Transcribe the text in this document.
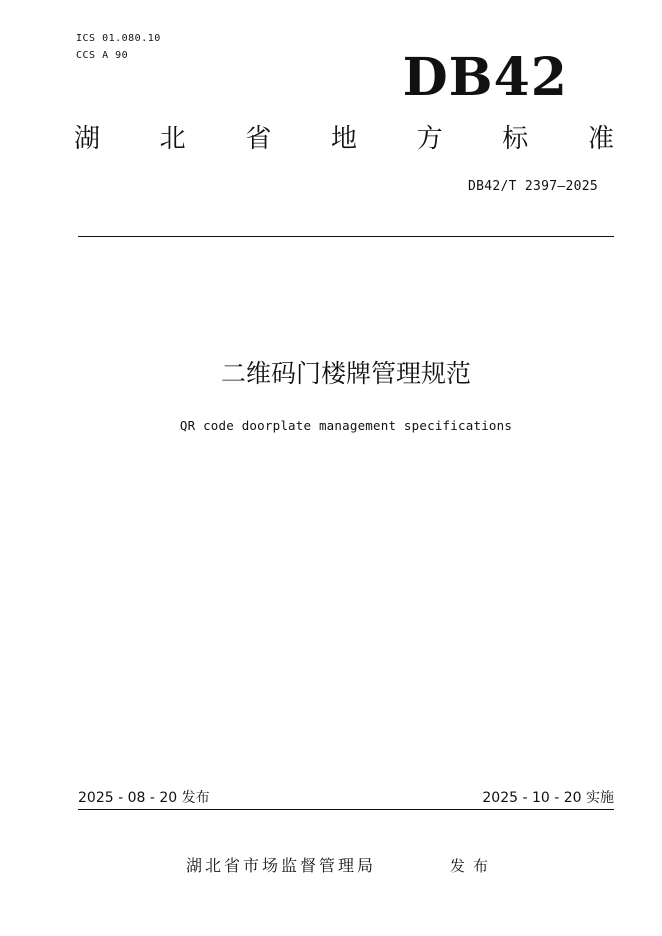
ICS 01.080.10
CCS A 90	DB42
湖 北 省 地 方 标 准
DB42/T 2397—2025
二维码门楼牌管理规范
QR code doorplate management specifications
2025 - 08 - 20 发布	2025 - 10 - 20 实施
湖北省市场监督管理局	发布
